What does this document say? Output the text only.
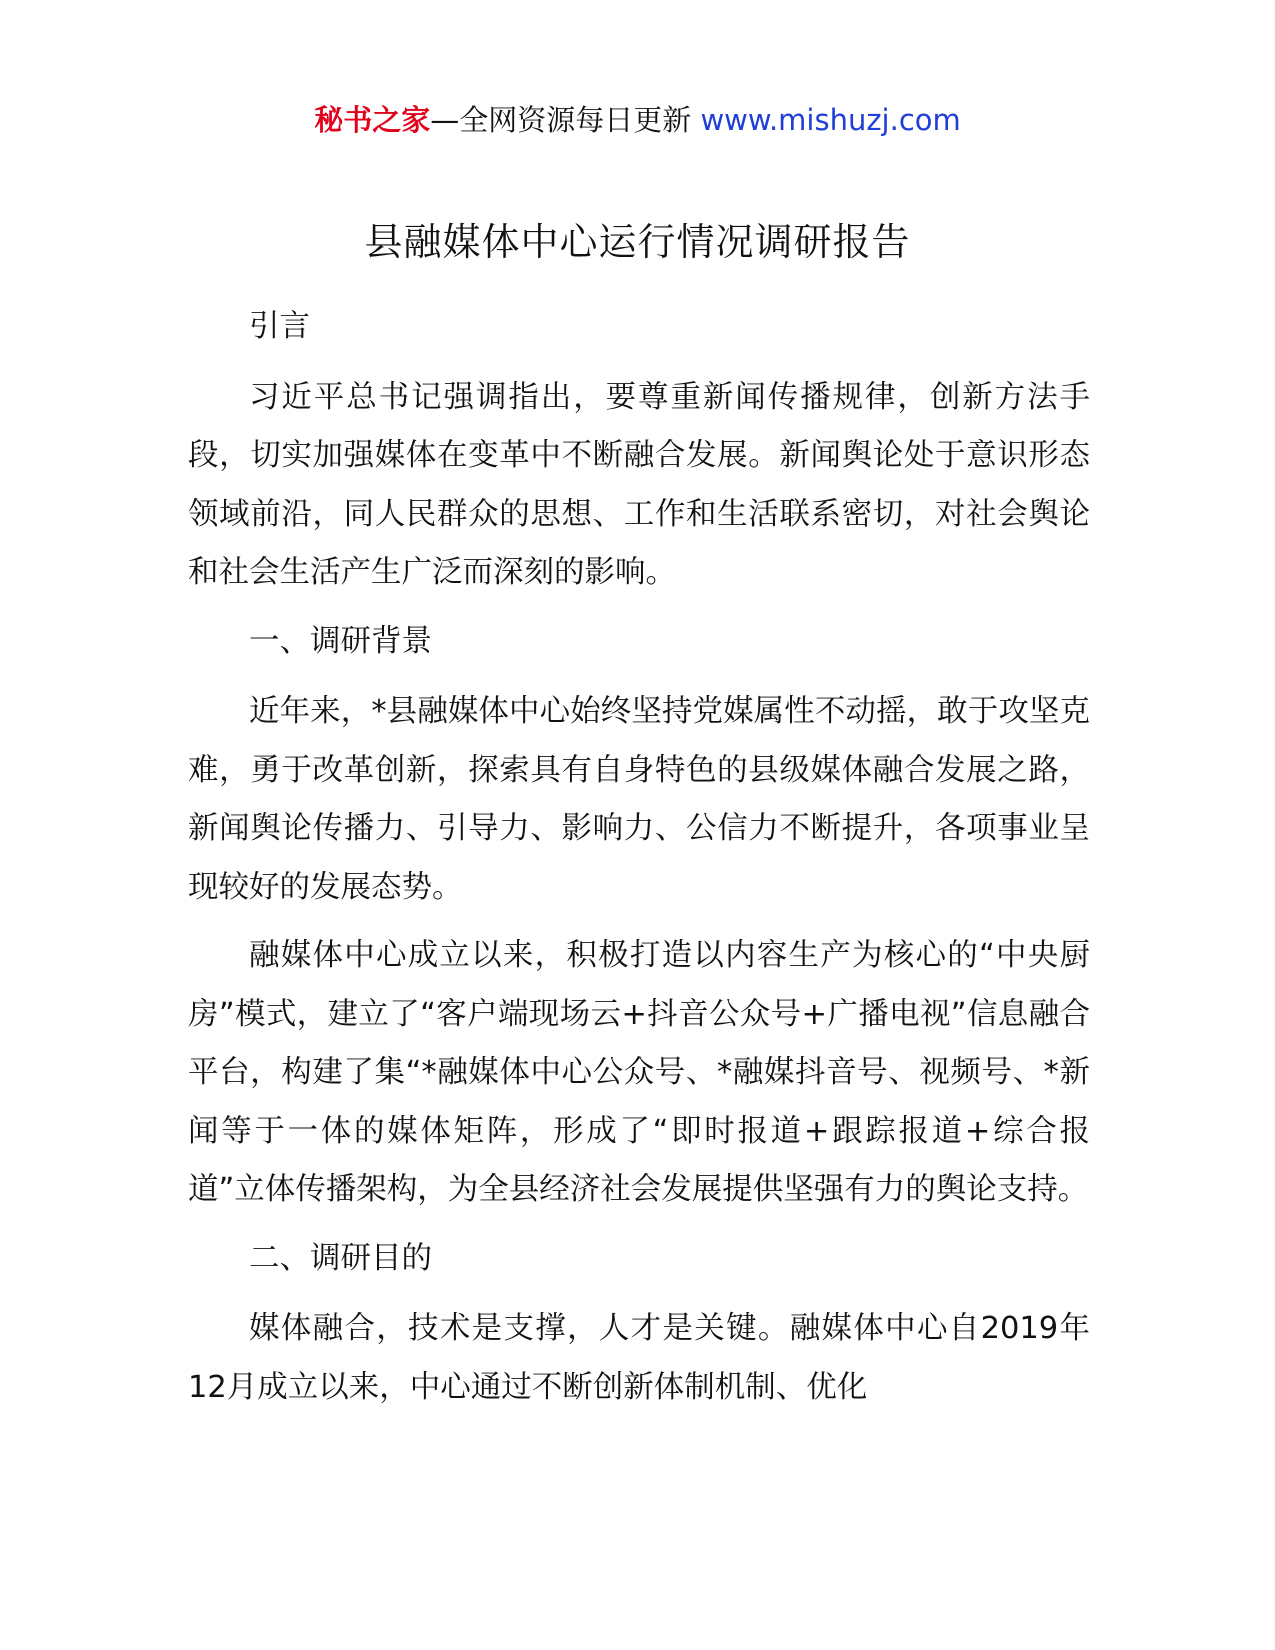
秘书之家—全网资源每日更新 www.mishuzj.com
县融媒体中心运行情况调研报告

引言

习近平总书记强调指出，要尊重新闻传播规律，创新方法手段，切实加强媒体在变革中不断融合发展。新闻舆论处于意识形态领域前沿，同人民群众的思想、工作和生活联系密切，对社会舆论和社会生活产生广泛而深刻的影响。

一、调研背景

近年来，*县融媒体中心始终坚持党媒属性不动摇，敢于攻坚克难，勇于改革创新，探索具有自身特色的县级媒体融合发展之路，新闻舆论传播力、引导力、影响力、公信力不断提升，各项事业呈现较好的发展态势。

融媒体中心成立以来，积极打造以内容生产为核心的“中央厨房”模式，建立了“客户端现场云+抖音公众号+广播电视”信息融合平台，构建了集“*融媒体中心公众号、*融媒抖音号、视频号、*新闻等于一体的媒体矩阵，形成了“即时报道+跟踪报道+综合报道”立体传播架构，为全县经济社会发展提供坚强有力的舆论支持。

二、调研目的

媒体融合，技术是支撑，人才是关键。融媒体中心自2019年12月成立以来，中心通过不断创新体制机制、优化
